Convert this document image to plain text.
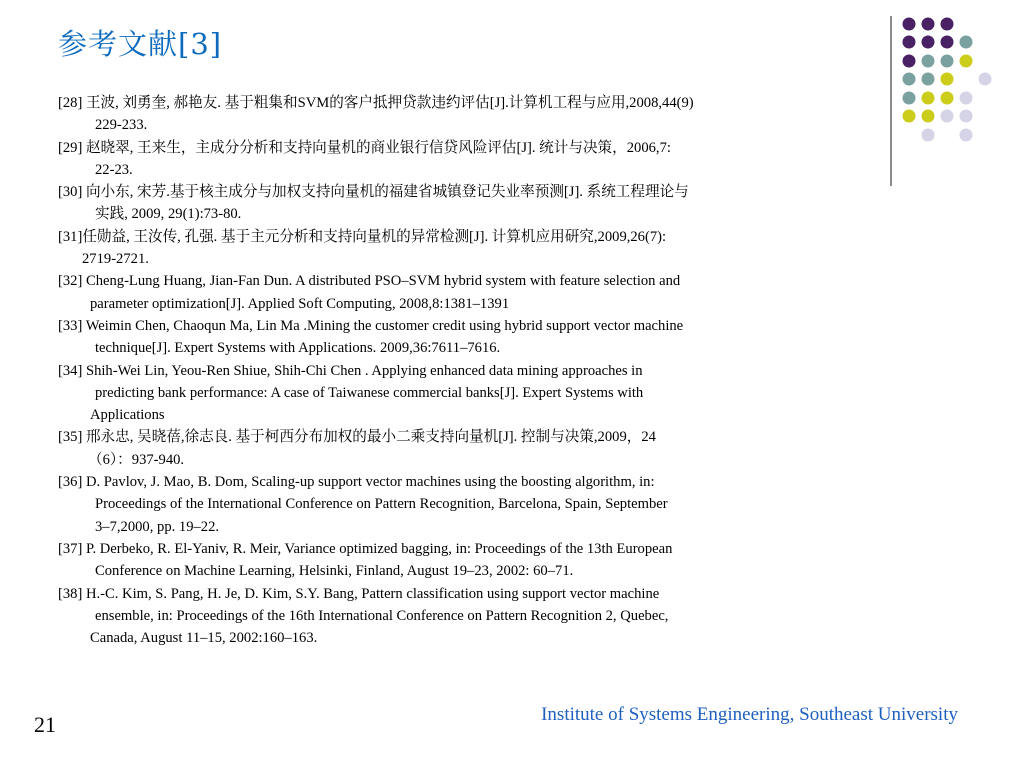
参考文献[3]
[28] 王波, 刘勇奎, 郝艳友. 基于粗集和SVM的客户抵押贷款违约评估[J].计算机工程与应用,2008,44(9)
229-233.
[29] 赵晓翠, 王来生，主成分分析和支持向量机的商业银行信贷风险评估[J]. 统计与决策，2006,7:
22-23.
[30] 向小东, 宋芳.基于核主成分与加权支持向量机的福建省城镇登记失业率预测[J]. 系统工程理论与
实践, 2009, 29(1):73-80.
[31]任勋益, 王汝传, 孔强. 基于主元分析和支持向量机的异常检测[J]. 计算机应用研究,2009,26(7):
2719-2721.
[32] Cheng-Lung Huang, Jian-Fan Dun. A distributed PSO–SVM hybrid system with feature selection and
parameter optimization[J]. Applied Soft Computing, 2008,8:1381–1391
[33] Weimin Chen, Chaoqun Ma, Lin Ma .Mining the customer credit using hybrid support vector machine
technique[J]. Expert Systems with Applications. 2009,36:7611–7616.
[34] Shih-Wei Lin, Yeou-Ren Shiue, Shih-Chi Chen . Applying enhanced data mining approaches in
predicting bank performance: A case of Taiwanese commercial banks[J]. Expert Systems with
Applications
[35] 邢永忠, 吴晓蓓,徐志良. 基于柯西分布加权的最小二乘支持向量机[J]. 控制与决策,2009，24
（6）：937-940.
[36] D. Pavlov, J. Mao, B. Dom, Scaling-up support vector machines using the boosting algorithm, in:
Proceedings of the International Conference on Pattern Recognition, Barcelona, Spain, September
3–7,2000, pp. 19–22.
[37] P. Derbeko, R. El-Yaniv, R. Meir, Variance optimized bagging, in: Proceedings of the 13th European
Conference on Machine Learning, Helsinki, Finland, August 19–23, 2002: 60–71.
[38] H.-C. Kim, S. Pang, H. Je, D. Kim, S.Y. Bang, Pattern classification using support vector machine
ensemble, in: Proceedings of the 16th International Conference on Pattern Recognition 2, Quebec,
Canada, August 11–15, 2002:160–163.
Institute of Systems Engineering, Southeast University
21
